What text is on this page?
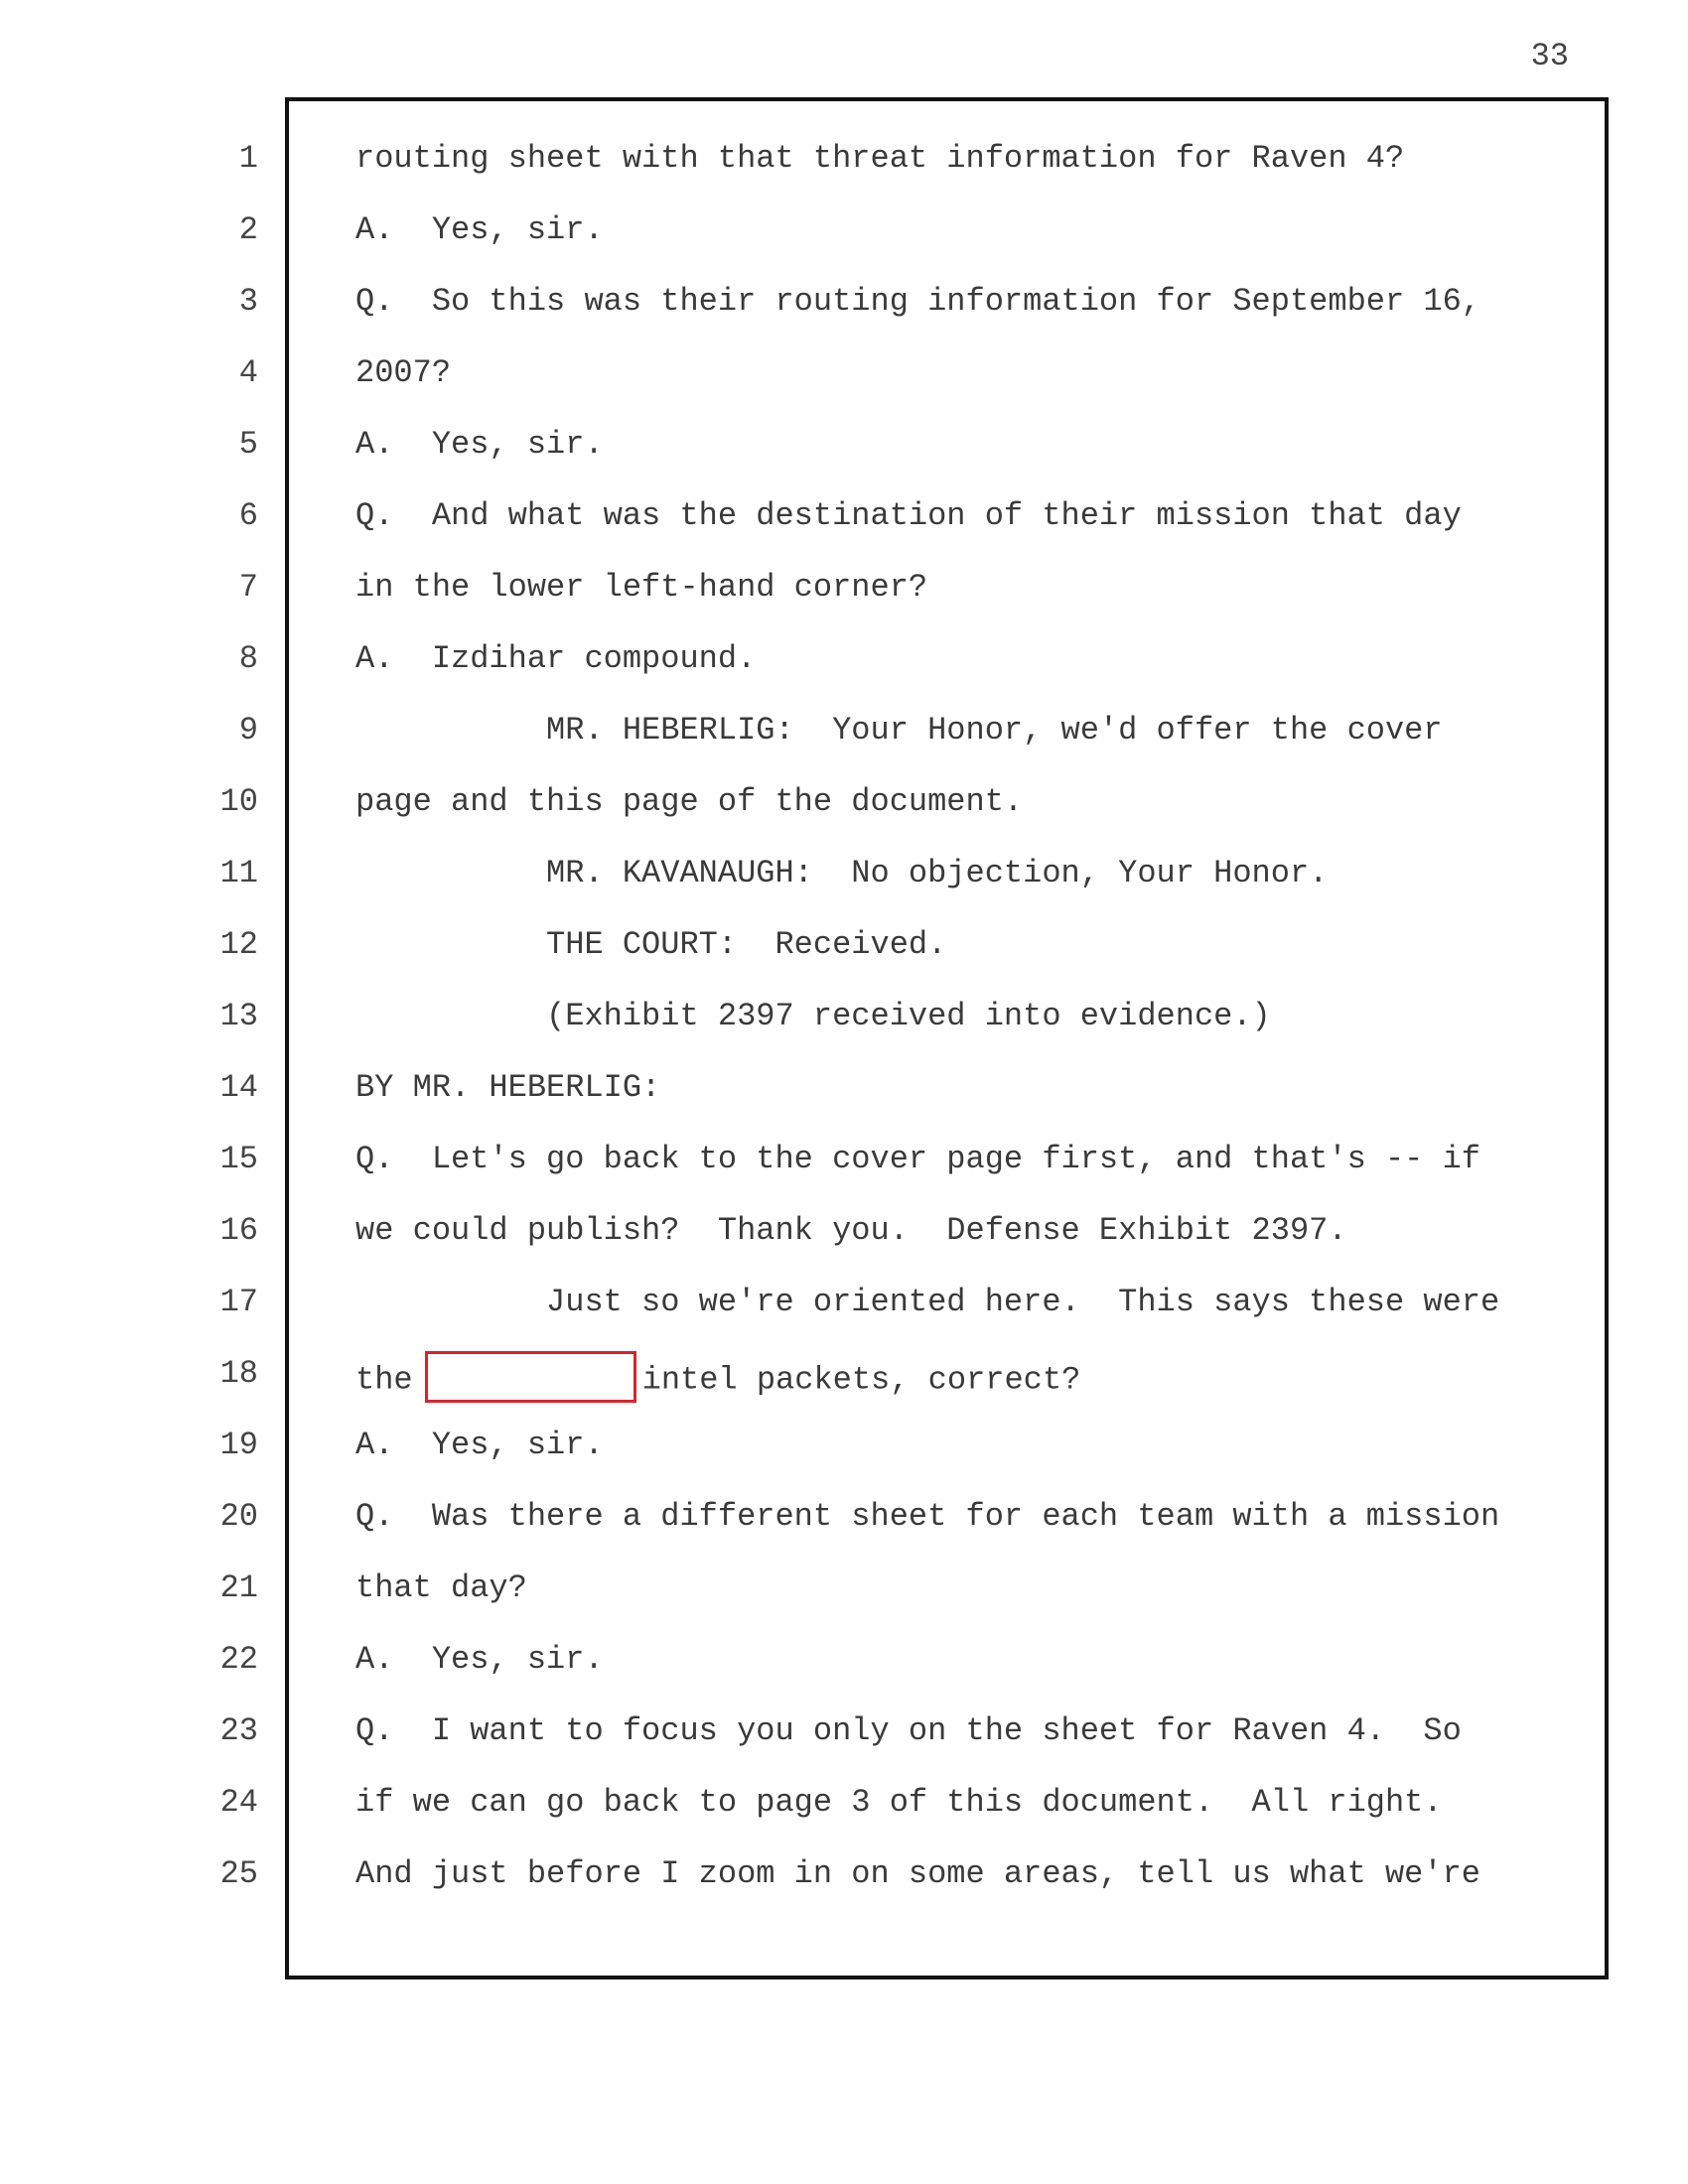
33
1
2
3
4
5
6
7
8
9
10
11
12
13
14
15
16
17
18
19
20
21
22
23
24
25
routing sheet with that threat information for Raven 4?
A.  Yes, sir.
Q.  So this was their routing information for September 16,
2007?
A.  Yes, sir.
Q.  And what was the destination of their mission that day
in the lower left-hand corner?
A.  Izdihar compound.
MR. HEBERLIG:  Your Honor, we'd offer the cover
page and this page of the document.
MR. KAVANAUGH:  No objection, Your Honor.
THE COURT:  Received.
(Exhibit 2397 received into evidence.)
BY MR. HEBERLIG:
Q.  Let's go back to the cover page first, and that's -- if
we could publish?  Thank you.  Defense Exhibit 2397.
Just so we're oriented here.  This says these were
the	intel packets, correct?
A.  Yes, sir.
Q.  Was there a different sheet for each team with a mission
that day?
A.  Yes, sir.
Q.  I want to focus you only on the sheet for Raven 4.  So
if we can go back to page 3 of this document.  All right.
And just before I zoom in on some areas, tell us what we're
